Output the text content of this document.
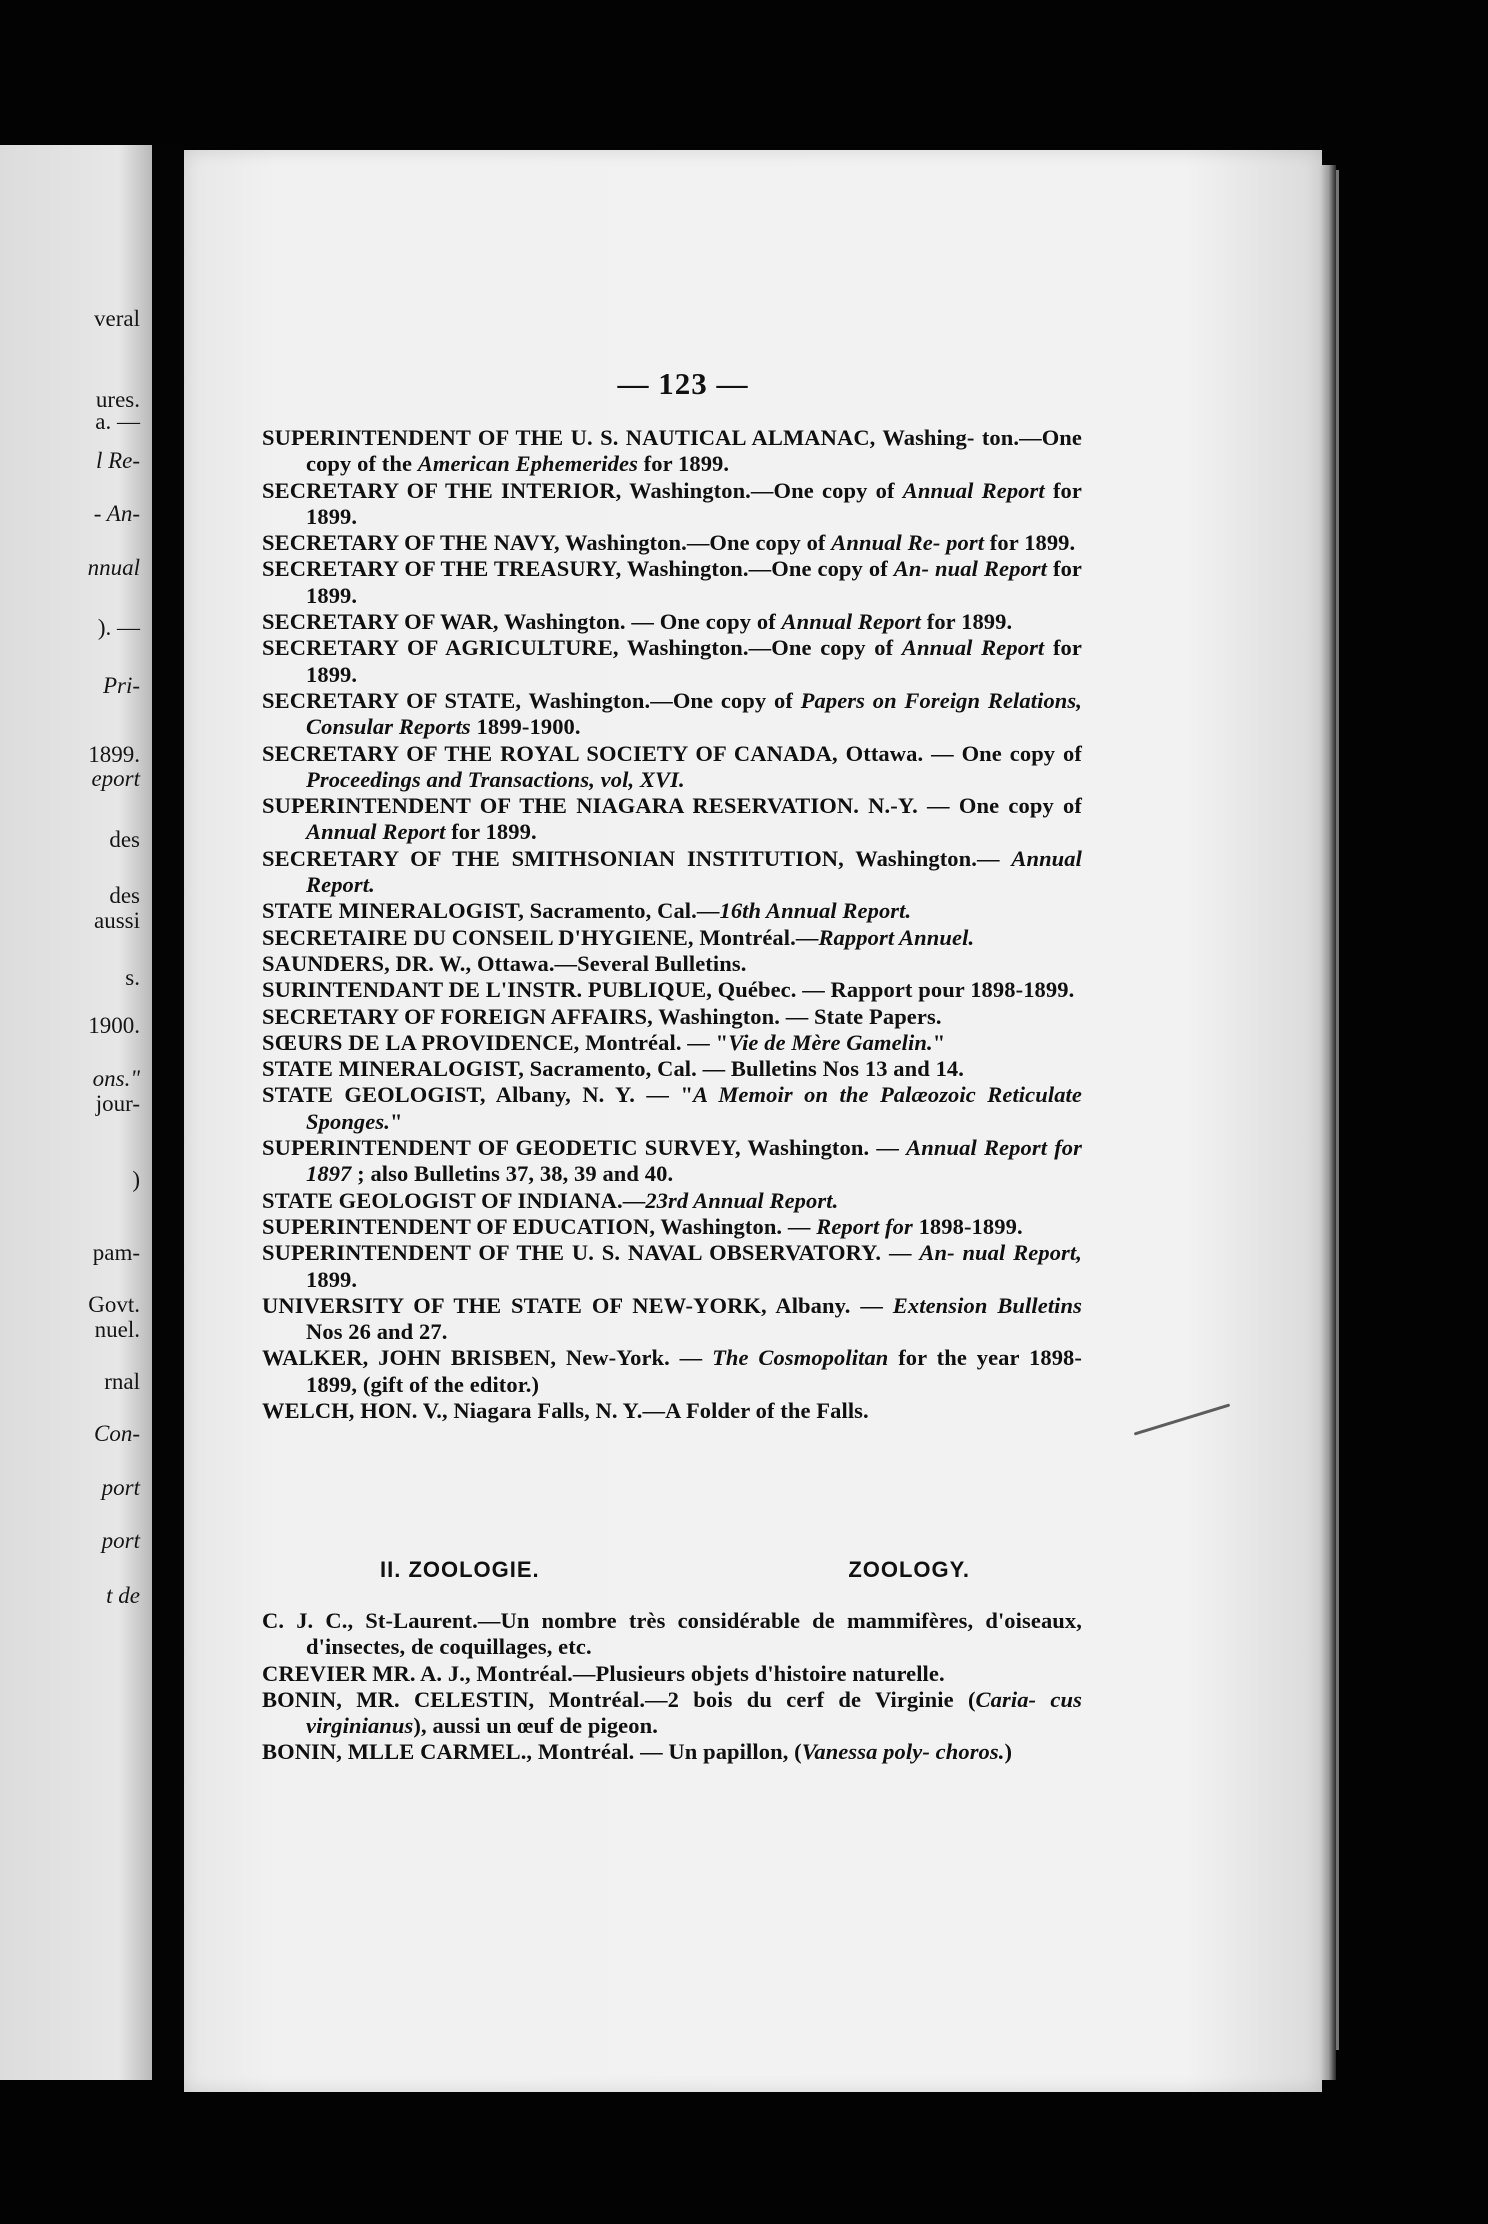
veral
ures.
a. —
l Re-
- An-
nnual
). —
Pri-
1899.
eport
des
des
aussi
s.
1900.
ons."
jour-
)
pam-
Govt.
nuel.
rnal
Con-
port
port
t de
— 123 —

SUPERINTENDENT OF THE U. S. NAUTICAL ALMANAC, Washing- ton.—One copy of the American Ephemerides for 1899.

SECRETARY OF THE INTERIOR, Washington.—One copy of Annual Report for 1899.

SECRETARY OF THE NAVY, Washington.—One copy of Annual Re- port for 1899.

SECRETARY OF THE TREASURY, Washington.—One copy of An- nual Report for 1899.

SECRETARY OF WAR, Washington. — One copy of Annual Report for 1899.

SECRETARY OF AGRICULTURE, Washington.—One copy of Annual Report for 1899.

SECRETARY OF STATE, Washington.—One copy of Papers on Foreign Relations, Consular Reports 1899-1900.

SECRETARY OF THE ROYAL SOCIETY OF CANADA, Ottawa. — One copy of Proceedings and Transactions, vol, XVI.

SUPERINTENDENT OF THE NIAGARA RESERVATION. N.-Y. — One copy of Annual Report for 1899.

SECRETARY OF THE SMITHSONIAN INSTITUTION, Washington.— Annual Report.

STATE MINERALOGIST, Sacramento, Cal.—16th Annual Report.

SECRETAIRE DU CONSEIL D'HYGIENE, Montréal.—Rapport Annuel.

SAUNDERS, DR. W., Ottawa.—Several Bulletins.

SURINTENDANT DE L'INSTR. PUBLIQUE, Québec. — Rapport pour 1898-1899.

SECRETARY OF FOREIGN AFFAIRS, Washington. — State Papers.

SŒURS DE LA PROVIDENCE, Montréal. — "Vie de Mère Gamelin."

STATE MINERALOGIST, Sacramento, Cal. — Bulletins Nos 13 and 14.

STATE GEOLOGIST, Albany, N. Y. — "A Memoir on the Palæozoic Reticulate Sponges."

SUPERINTENDENT OF GEODETIC SURVEY, Washington. — Annual Report for 1897 ; also Bulletins 37, 38, 39 and 40.

STATE GEOLOGIST OF INDIANA.—23rd Annual Report.

SUPERINTENDENT OF EDUCATION, Washington. — Report for 1898-1899.

SUPERINTENDENT OF THE U. S. NAVAL OBSERVATORY. — An- nual Report, 1899.

UNIVERSITY OF THE STATE OF NEW-YORK, Albany. — Extension Bulletins Nos 26 and 27.

WALKER, JOHN BRISBEN, New-York. — The Cosmopolitan for the year 1898-1899, (gift of the editor.)

WELCH, HON. V., Niagara Falls, N. Y.—A Folder of the Falls.

II. ZOOLOGIE.	ZOOLOGY.

C. J. C., St-Laurent.—Un nombre très considérable de mammifères, d'oiseaux, d'insectes, de coquillages, etc.

CREVIER MR. A. J., Montréal.—Plusieurs objets d'histoire naturelle.

BONIN, MR. CELESTIN, Montréal.—2 bois du cerf de Virginie (Caria- cus virginianus), aussi un œuf de pigeon.

BONIN, MLLE CARMEL., Montréal. — Un papillon, (Vanessa poly- choros.)
